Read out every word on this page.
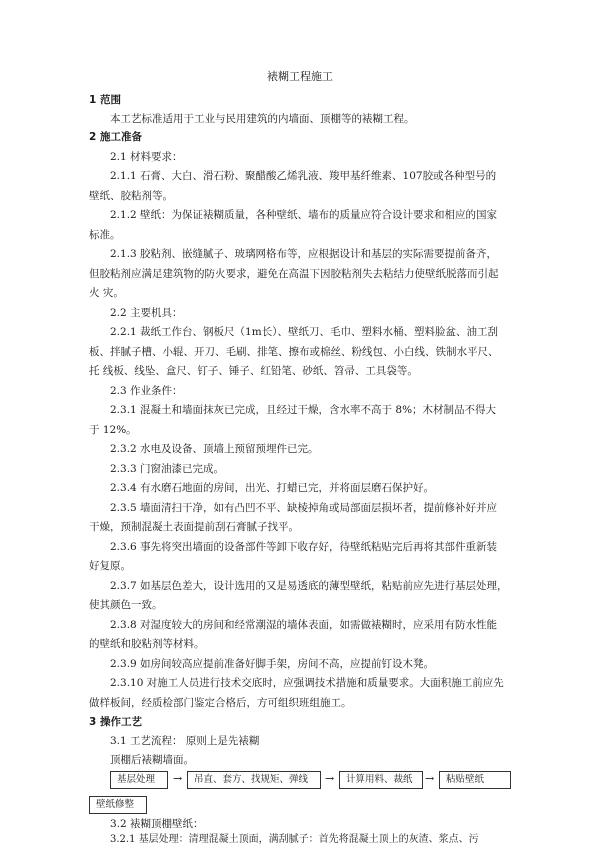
裱糊工程施工
1 范围
本工艺标准适用于工业与民用建筑的内墙面、顶棚等的裱糊工程。
2 施工准备
2.1 材料要求：
2.1.1 石膏、大白、滑石粉、聚醋酸乙烯乳液、羧甲基纤维素、107胶或各种型号的
壁纸、胶粘剂等。
2.1.2 壁纸：为保证裱糊质量，各种壁纸、墙布的质量应符合设计要求和相应的国家
标准。
2.1.3 胶粘剂、嵌缝腻子、玻璃网格布等，应根据设计和基层的实际需要提前备齐，
但胶粘剂应满足建筑物的防火要求，避免在高温下因胶粘剂失去粘结力使壁纸脱落而引起
火 灾。
2.2 主要机具：
2.2.1 裁纸工作台、钢板尺（1m长）、壁纸刀、毛巾、塑料水桶、塑料脸盆、油工刮
板、拌腻子槽、小辊、开刀、毛刷、排笔、擦布或棉丝、粉线包、小白线、铁制水平尺、
托 线板、线坠、盒尺、钉子、锤子、红铅笔、砂纸、笤帚、工具袋等。
2.3 作业条件：
2.3.1 混凝土和墙面抹灰已完成，且经过干燥，含水率不高于 8%；木材制品不得大
于 12%。
2.3.2 水电及设备、顶墙上预留预埋件已完。
2.3.3 门窗油漆已完成。
2.3.4 有水磨石地面的房间，出光、打蜡已完，并将面层磨石保护好。
2.3.5 墙面清扫干净，如有凸凹不平、缺棱掉角或局部面层损坏者，提前修补好并应
干燥，预制混凝土表面提前刮石膏腻子找平。
2.3.6 事先将突出墙面的设备部件等卸下收存好，待壁纸粘贴完后再将其部件重新装
好复原。
2.3.7 如基层色差大，设计选用的又是易透底的薄型壁纸，粘贴前应先进行基层处理，
使其颜色一致。
2.3.8 对湿度较大的房间和经常潮湿的墙体表面，如需做裱糊时，应采用有防水性能
的壁纸和胶粘剂等材料。
2.3.9 如房间较高应提前准备好脚手架，房间不高，应提前钉设木凳。
2.3.10 对施工人员进行技术交底时，应强调技术措施和质量要求。大面积施工前应先
做样板间，经质检部门鉴定合格后，方可组织班组施工。
3 操作工艺
3.1 工艺流程： 原则上是先裱糊
顶棚后裱糊墙面。
基层处理	→	吊直、套方、找规矩、弹线	→	计算用料、裁纸	→	粘贴壁纸
壁纸修整
3.2 裱糊顶棚壁纸：
3.2.1 基层处理：清理混凝土顶面，满刮腻子：首先将混凝土顶上的灰渣、浆点、污
